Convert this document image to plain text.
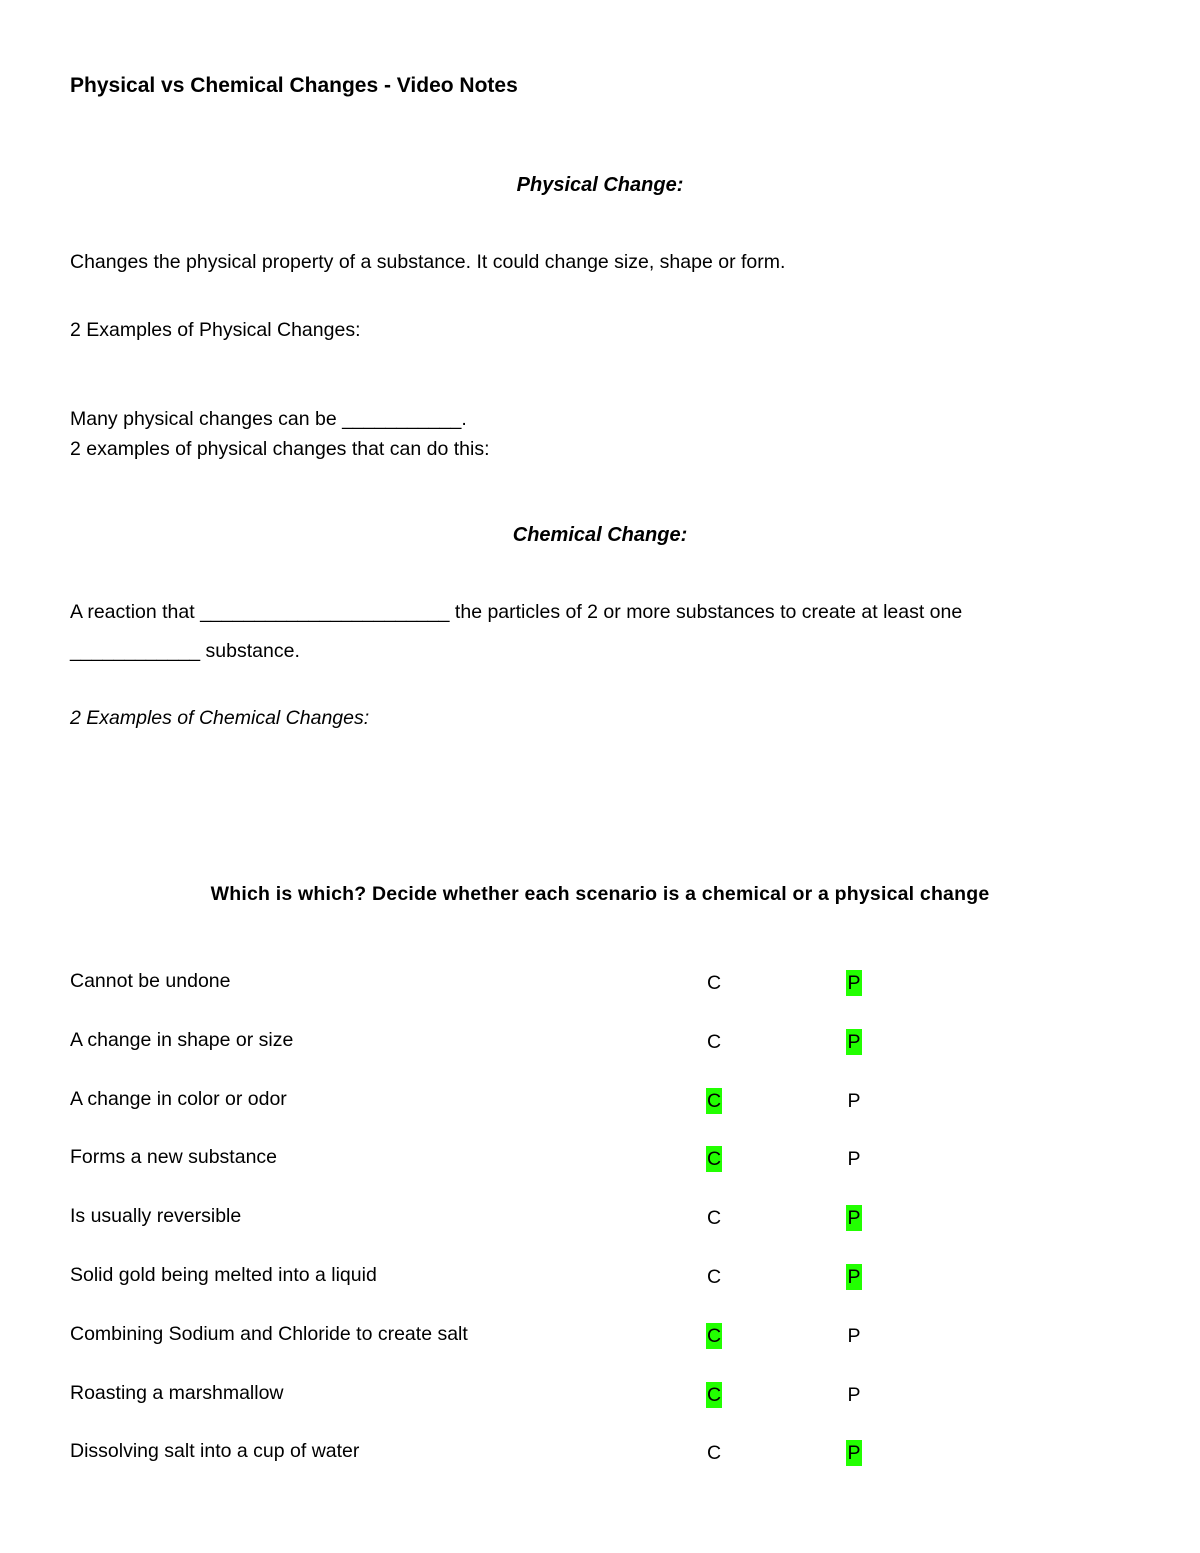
Physical vs Chemical Changes - Video Notes
Physical Change:
Changes the physical property of a substance. It could change size, shape or form.
2 Examples of Physical Changes:
Many physical changes can be ___________.
2 examples of physical changes that can do this:
Chemical Change:
A reaction that _______________________ the particles of 2 or more substances to create at least one
____________ substance.
2 Examples of Chemical Changes:
Which is which? Decide whether each scenario is a chemical or a physical change
Cannot be undone	C	P
A change in shape or size	C	P
A change in color or odor	C	P
Forms a new substance	C	P
Is usually reversible	C	P
Solid gold being melted into a liquid	C	P
Combining Sodium and Chloride to create salt	C	P
Roasting a marshmallow	C	P
Dissolving salt into a cup of water	C	P
